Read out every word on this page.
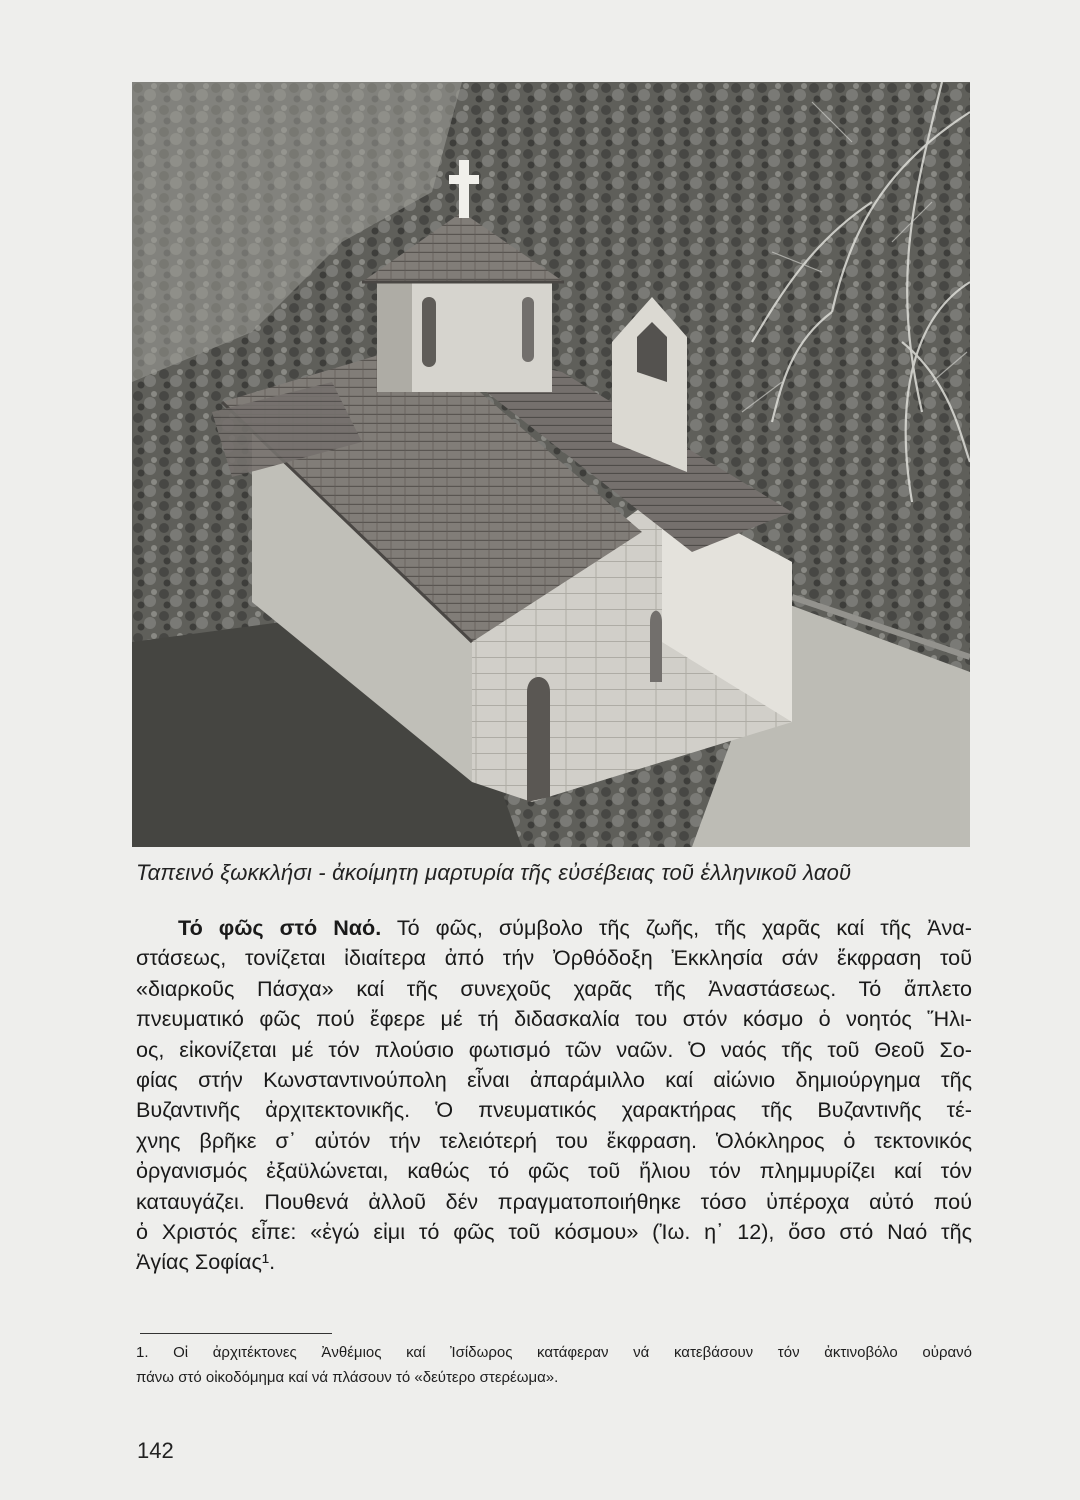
Ταπεινό ξωκκλήσι - ἀκοίμητη μαρτυρία τῆς εὐσέβειας τοῦ ἑλληνικοῦ λαοῦ
Τό φῶς στό Ναό. Τό φῶς, σύμβολο τῆς ζωῆς, τῆς χαρᾶς καί τῆς Ἀνα-
στάσεως, τονίζεται ἰδιαίτερα ἀπό τήν Ὀρθόδοξη Ἐκκλησία σάν ἔκφραση τοῦ
«διαρκοῦς Πάσχα» καί τῆς συνεχοῦς χαρᾶς τῆς Ἀναστάσεως. Τό ἄπλετο
πνευματικό φῶς πού ἔφερε μέ τή διδασκαλία του στόν κόσμο ὁ νοητός Ἥλι-
ος, εἰκονίζεται μέ τόν πλούσιο φωτισμό τῶν ναῶν. Ὁ ναός τῆς τοῦ Θεοῦ Σο-
φίας στήν Κωνσταντινούπολη εἶναι ἀπαράμιλλο καί αἰώνιο δημιούργημα τῆς
Βυζαντινῆς ἀρχιτεκτονικῆς. Ὁ πνευματικός χαρακτήρας τῆς Βυζαντινῆς τέ-
χνης βρῆκε σ᾽ αὐτόν τήν τελειότερή του ἔκφραση. Ὁλόκληρος ὁ τεκτονικός
ὀργανισμός ἐξαϋλώνεται, καθώς τό φῶς τοῦ ἥλιου τόν πλημμυρίζει καί τόν
καταυγάζει. Πουθενά ἀλλοῦ δέν πραγματοποιήθηκε τόσο ὑπέροχα αὐτό πού
ὁ Χριστός εἶπε: «ἐγώ εἰμι τό φῶς τοῦ κόσμου» (Ἰω. η᾽ 12), ὅσο στό Ναό τῆς
Ἁγίας Σοφίας¹.
1. Οἱ ἀρχιτέκτονες Ἀνθέμιος καί Ἰσίδωρος κατάφεραν νά κατεβάσουν τόν ἀκτινοβόλο οὐρανό
πάνω στό οἰκοδόμημα καί νά πλάσουν τό «δεύτερο στερέωμα».
142
